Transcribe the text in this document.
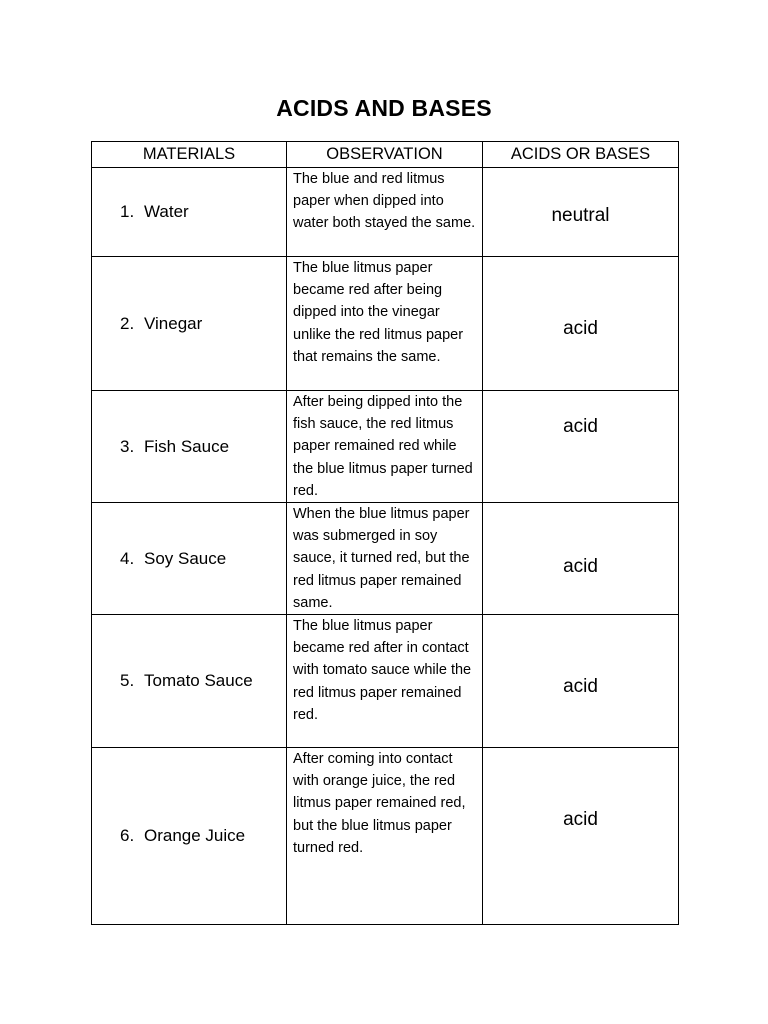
ACIDS AND BASES
MATERIALS	OBSERVATION	ACIDS OR BASES
1. Water	The blue and red litmus paper when dipped into water both stayed the same.	neutral
2. Vinegar	The blue litmus paper became red after being dipped into the vinegar unlike the red litmus paper that remains the same.	acid
3. Fish Sauce	After being dipped into the fish sauce, the red litmus paper remained red while the blue litmus paper turned red.	acid
4. Soy Sauce	When the blue litmus paper was submerged in soy sauce, it turned red, but the red litmus paper remained same.	acid
5. Tomato Sauce	The blue litmus paper became red after in contact with tomato sauce while the red litmus paper remained red.	acid
6. Orange Juice	After coming into contact with orange juice, the red litmus paper remained red, but the blue litmus paper turned red.	acid
